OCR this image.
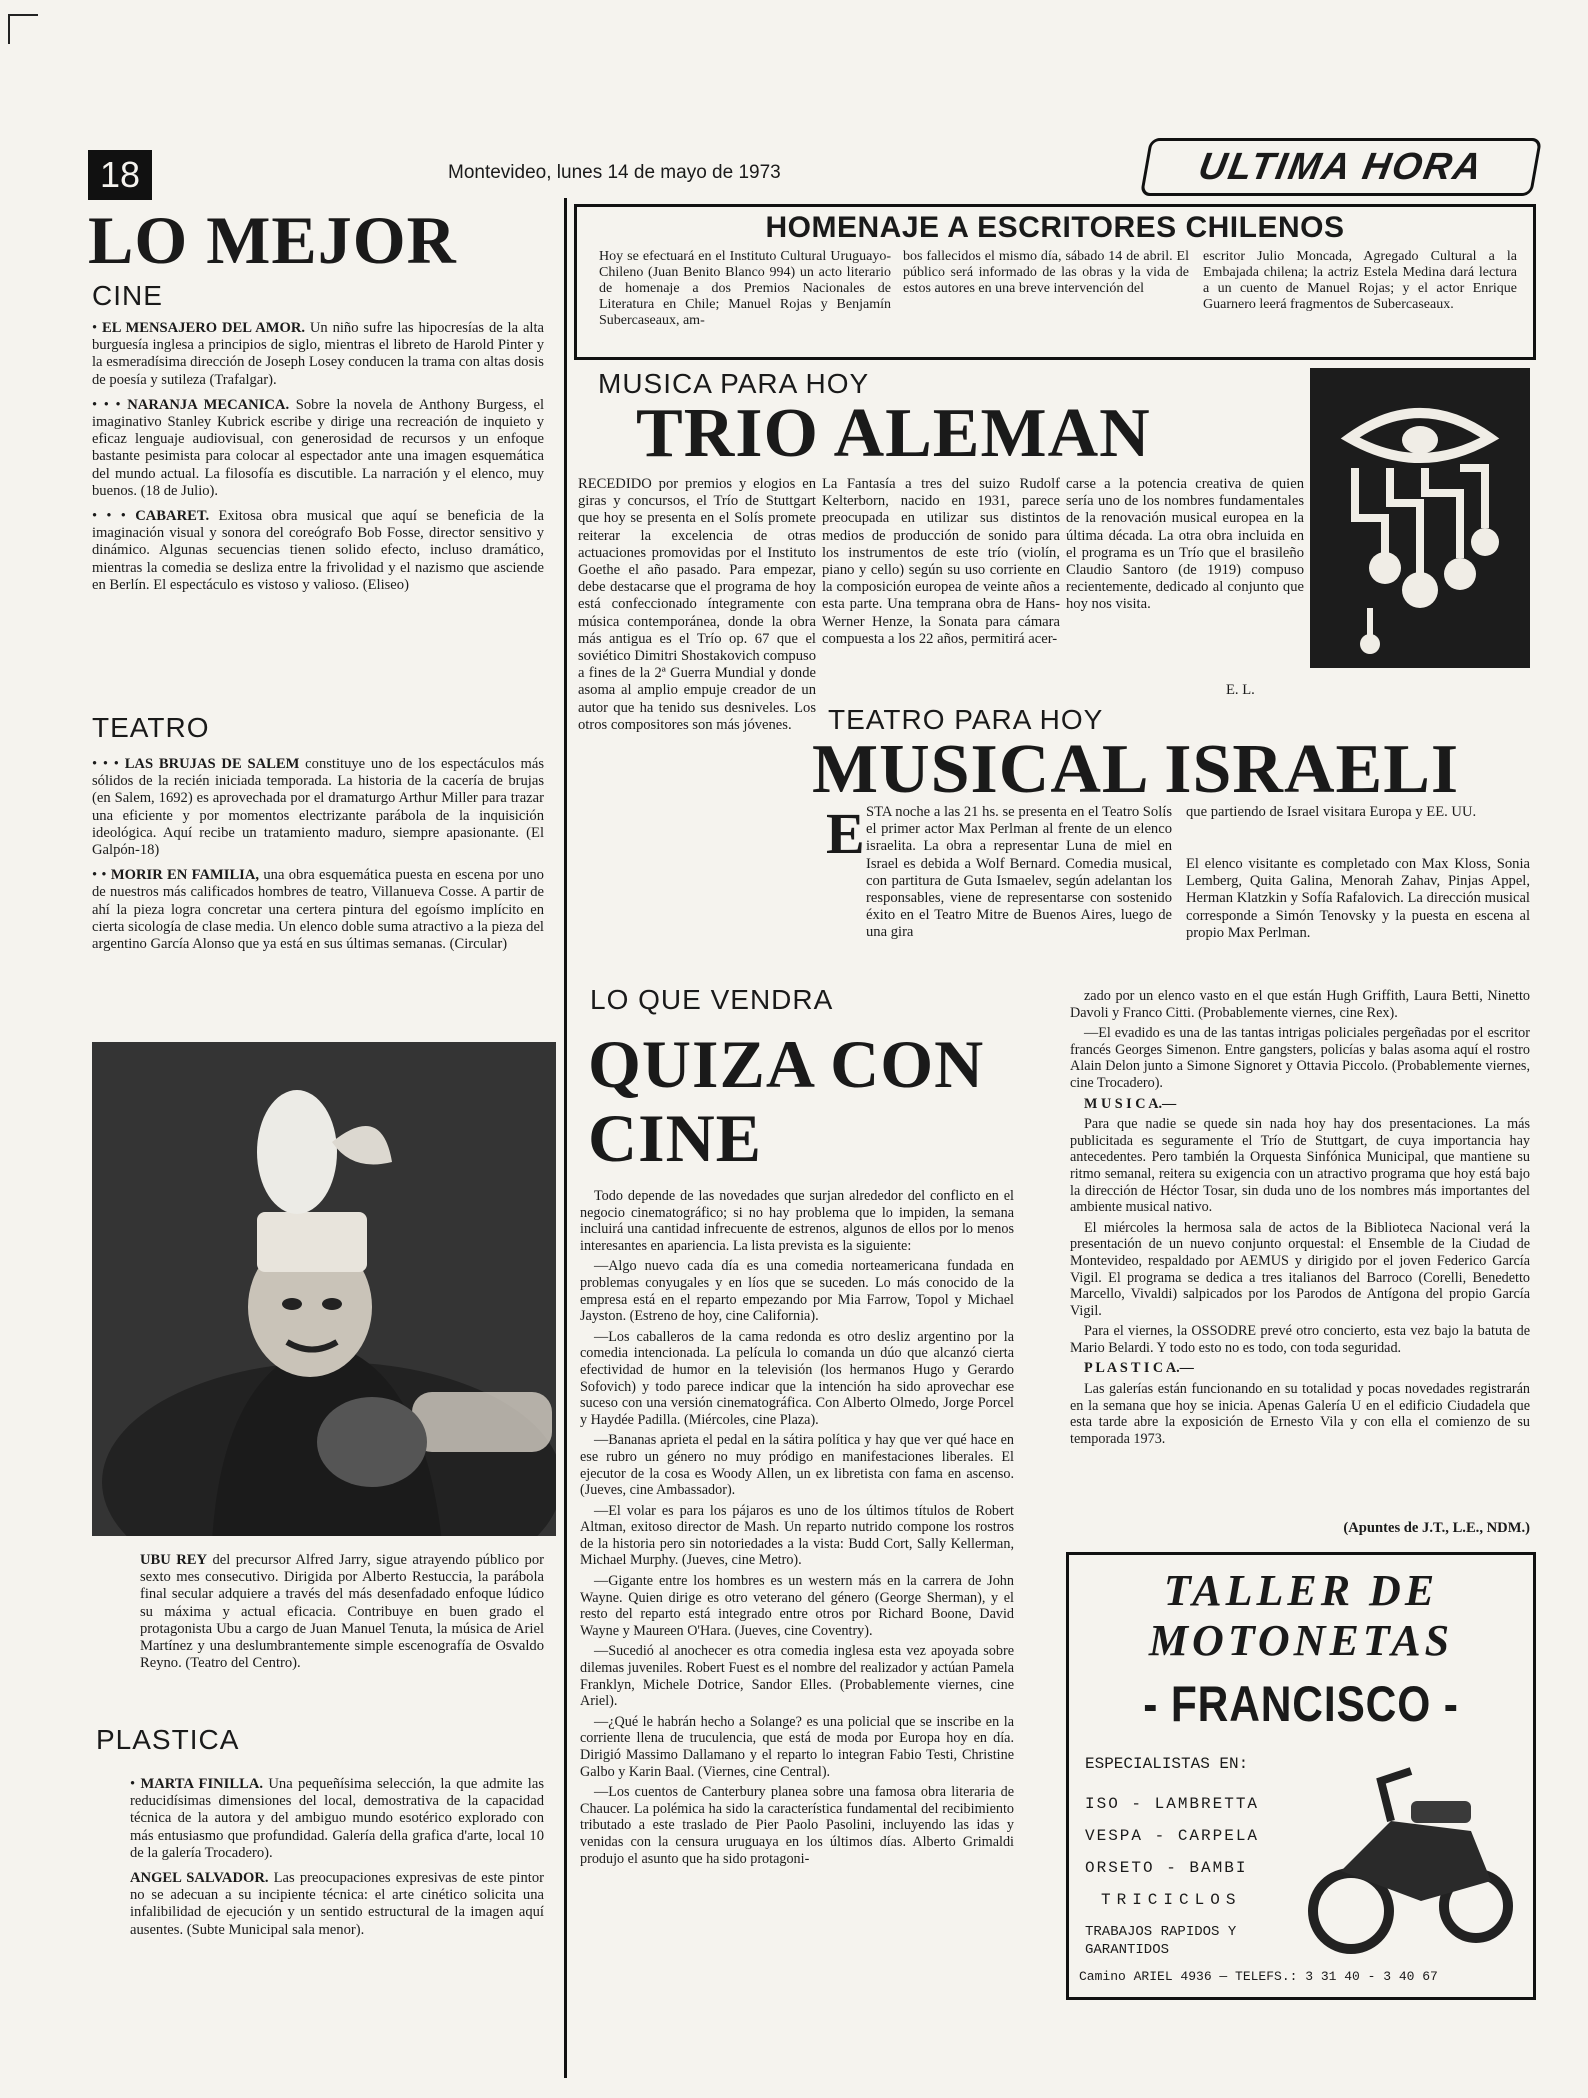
18	Montevideo, lunes 14 de mayo de 1973	ULTIMA HORA
LO MEJOR
CINE
• EL MENSAJERO DEL AMOR. Un niño sufre las hipocresías de la alta burguesía inglesa a principios de siglo, mientras el libreto de Harold Pinter y la esmeradísima dirección de Joseph Losey conducen la trama con altas dosis de poesía y sutileza (Trafalgar).
• • • NARANJA MECANICA. Sobre la novela de Anthony Burgess, el imaginativo Stanley Kubrick escribe y dirige una recreación de inquieto y eficaz lenguaje audiovisual, con generosidad de recursos y un enfoque bastante pesimista para colocar al espectador ante una imagen esquemática del mundo actual. La filosofía es discutible. La narración y el elenco, muy buenos. (18 de Julio).
• • • CABARET. Exitosa obra musical que aquí se beneficia de la imaginación visual y sonora del coreógrafo Bob Fosse, director sensitivo y dinámico. Algunas secuencias tienen solido efecto, incluso dramático, mientras la comedia se desliza entre la frivolidad y el nazismo que asciende en Berlín. El espectáculo es vistoso y valioso. (Eliseo)
TEATRO
• • • LAS BRUJAS DE SALEM constituye uno de los espectáculos más sólidos de la recién iniciada temporada. La historia de la cacería de brujas (en Salem, 1692) es aprovechada por el dramaturgo Arthur Miller para trazar una eficiente y por momentos electrizante parábola de la inquisición ideológica. Aquí recibe un tratamiento maduro, siempre apasionante. (El Galpón-18)
• • MORIR EN FAMILIA, una obra esquemática puesta en escena por uno de nuestros más calificados hombres de teatro, Villanueva Cosse. A partir de ahí la pieza logra concretar una certera pintura del egoísmo implícito en cierta sicología de clase media. Un elenco doble suma atractivo a la pieza del argentino García Alonso que ya está en sus últimas semanas. (Circular)
UBU REY del precursor Alfred Jarry, sigue atrayendo público por sexto mes consecutivo. Dirigida por Alberto Restuccia, la parábola final secular adquiere a través del más desenfadado enfoque lúdico su máxima y actual eficacia. Contribuye en buen grado el protagonista Ubu a cargo de Juan Manuel Tenuta, la música de Ariel Martínez y una deslumbrantemente simple escenografía de Osvaldo Reyno. (Teatro del Centro).
PLASTICA
• MARTA FINILLA. Una pequeñísima selección, la que admite las reducidísimas dimensiones del local, demostrativa de la capacidad técnica de la autora y del ambiguo mundo esotérico explorado con más entusiasmo que profundidad. Galería della grafica d'arte, local 10 de la galería Trocadero).
ANGEL SALVADOR. Las preocupaciones expresivas de este pintor no se adecuan a su incipiente técnica: el arte cinético solicita una infalibilidad de ejecución y un sentido estructural de la imagen aquí ausentes. (Subte Municipal sala menor).
HOMENAJE A ESCRITORES CHILENOS
Hoy se efectuará en el Instituto Cultural Uruguayo-Chileno (Juan Benito Blanco 994) un acto literario de homenaje a dos Premios Nacionales de Literatura en Chile; Manuel Rojas y Benjamín Subercaseaux, am-
bos fallecidos el mismo día, sábado 14 de abril. El público será informado de las obras y la vida de estos autores en una breve intervención del
escritor Julio Moncada, Agregado Cultural a la Embajada chilena; la actriz Estela Medina dará lectura a un cuento de Manuel Rojas; y el actor Enrique Guarnero leerá fragmentos de Subercaseaux.
MUSICA PARA HOY
TRIO ALEMAN
RECEDIDO por premios y elogios en giras y concursos, el Trío de Stuttgart que hoy se presenta en el Solís promete reiterar la excelencia de otras actuaciones promovidas por el Instituto Goethe el año pasado. Para empezar, debe destacarse que el programa de hoy está confeccionado íntegramente con música contemporánea, donde la obra más antigua es el Trío op. 67 que el soviético Dimitri Shostakovich compuso a fines de la 2ª Guerra Mundial y donde asoma al amplio empuje creador de un autor que ha tenido sus desniveles. Los otros compositores son más jóvenes.
La Fantasía a tres del suizo Rudolf Kelterborn, nacido en 1931, parece preocupada en utilizar sus distintos medios de producción de sonido para los instrumentos de este trío (violín, piano y cello) según su uso corriente en la composición europea de veinte años a esta parte. Una temprana obra de Hans-Werner Henze, la Sonata para cámara compuesta a los 22 años, permitirá acer-
carse a la potencia creativa de quien sería uno de los nombres fundamentales de la renovación musical europea en la última década. La otra obra incluida en el programa es un Trío que el brasileño Claudio Santoro (de 1919) compuso recientemente, dedicado al conjunto que hoy nos visita.
E. L.
TEATRO PARA HOY
MUSICAL ISRAELI
E STA noche a las 21 hs. se presenta en el Teatro Solís el primer actor Max Perlman al frente de un elenco israelita. La obra a representar Luna de miel en Israel es debida a Wolf Bernard. Comedia musical, con partitura de Guta Ismaelev, según adelantan los responsables, viene de representarse con sostenido éxito en el Teatro Mitre de Buenos Aires, luego de una gira
que partiendo de Israel visitara Europa y EE. UU.
El elenco visitante es completado con Max Kloss, Sonia Lemberg, Quita Galina, Menorah Zahav, Pinjas Appel, Herman Klatzkin y Sofía Rafalovich. La dirección musical corresponde a Simón Tenovsky y la puesta en escena al propio Max Perlman.
LO QUE VENDRA
QUIZA CON
CINE

Todo depende de las novedades que surjan alrededor del conflicto en el negocio cinematográfico; si no hay problema que lo impiden, la semana incluirá una cantidad infrecuente de estrenos, algunos de ellos por lo menos interesantes en apariencia. La lista prevista es la siguiente:

—Algo nuevo cada día es una comedia norteamericana fundada en problemas conyugales y en líos que se suceden. Lo más conocido de la empresa está en el reparto empezando por Mia Farrow, Topol y Michael Jayston. (Estreno de hoy, cine California).

—Los caballeros de la cama redonda es otro desliz argentino por la comedia intencionada. La película lo comanda un dúo que alcanzó cierta efectividad de humor en la televisión (los hermanos Hugo y Gerardo Sofovich) y todo parece indicar que la intención ha sido aprovechar ese suceso con una versión cinematográfica. Con Alberto Olmedo, Jorge Porcel y Haydée Padilla. (Miércoles, cine Plaza).

—Bananas aprieta el pedal en la sátira política y hay que ver qué hace en ese rubro un género no muy pródigo en manifestaciones liberales. El ejecutor de la cosa es Woody Allen, un ex libretista con fama en ascenso. (Jueves, cine Ambassador).

—El volar es para los pájaros es uno de los últimos títulos de Robert Altman, exitoso director de Mash. Un reparto nutrido compone los rostros de la historia pero sin notoriedades a la vista: Budd Cort, Sally Kellerman, Michael Murphy. (Jueves, cine Metro).

—Gigante entre los hombres es un western más en la carrera de John Wayne. Quien dirige es otro veterano del género (George Sherman), y el resto del reparto está integrado entre otros por Richard Boone, David Wayne y Maureen O'Hara. (Jueves, cine Coventry).

—Sucedió al anochecer es otra comedia inglesa esta vez apoyada sobre dilemas juveniles. Robert Fuest es el nombre del realizador y actúan Pamela Franklyn, Michele Dotrice, Sandor Elles. (Probablemente viernes, cine Ariel).

—¿Qué le habrán hecho a Solange? es una policial que se inscribe en la corriente llena de truculencia, que está de moda por Europa hoy en día. Dirigió Massimo Dallamano y el reparto lo integran Fabio Testi, Christine Galbo y Karin Baal. (Viernes, cine Central).

—Los cuentos de Canterbury planea sobre una famosa obra literaria de Chaucer. La polémica ha sido la característica fundamental del recibimiento tributado a este traslado de Pier Paolo Pasolini, incluyendo las idas y venidas con la censura uruguaya en los últimos días. Alberto Grimaldi produjo el asunto que ha sido protagoni-

zado por un elenco vasto en el que están Hugh Griffith, Laura Betti, Ninetto Davoli y Franco Citti. (Probablemente viernes, cine Rex).

—El evadido es una de las tantas intrigas policiales pergeñadas por el escritor francés Georges Simenon. Entre gangsters, policías y balas asoma aquí el rostro Alain Delon junto a Simone Signoret y Ottavia Piccolo. (Probablemente viernes, cine Trocadero).

M U S I C A.—

Para que nadie se quede sin nada hoy hay dos presentaciones. La más publicitada es seguramente el Trío de Stuttgart, de cuya importancia hay antecedentes. Pero también la Orquesta Sinfónica Municipal, que mantiene su ritmo semanal, reitera su exigencia con un atractivo programa que hoy está bajo la dirección de Héctor Tosar, sin duda uno de los nombres más importantes del ambiente musical nativo.

El miércoles la hermosa sala de actos de la Biblioteca Nacional verá la presentación de un nuevo conjunto orquestal: el Ensemble de la Ciudad de Montevideo, respaldado por AEMUS y dirigido por el joven Federico García Vigil. El programa se dedica a tres italianos del Barroco (Corelli, Benedetto Marcello, Vivaldi) salpicados por los Parodos de Antígona del propio García Vigil.

Para el viernes, la OSSODRE prevé otro concierto, esta vez bajo la batuta de Mario Belardi. Y todo esto no es todo, con toda seguridad.

P L A S T I C A.—

Las galerías están funcionando en su totalidad y pocas novedades registrarán en la semana que hoy se inicia. Apenas Galería U en el edificio Ciudadela que esta tarde abre la exposición de Ernesto Vila y con ella el comienzo de su temporada 1973.

(Apuntes de J.T., L.E., NDM.)
TALLER DE
MOTONETAS
- FRANCISCO -
ESPECIALISTAS EN:
ISO - LAMBRETTA
VESPA - CARPELA
ORSETO - BAMBI
TRICICLOS
TRABAJOS RAPIDOS Y GARANTIDOS
Camino ARIEL 4936 — TELEFS.: 3 31 40 - 3 40 67
